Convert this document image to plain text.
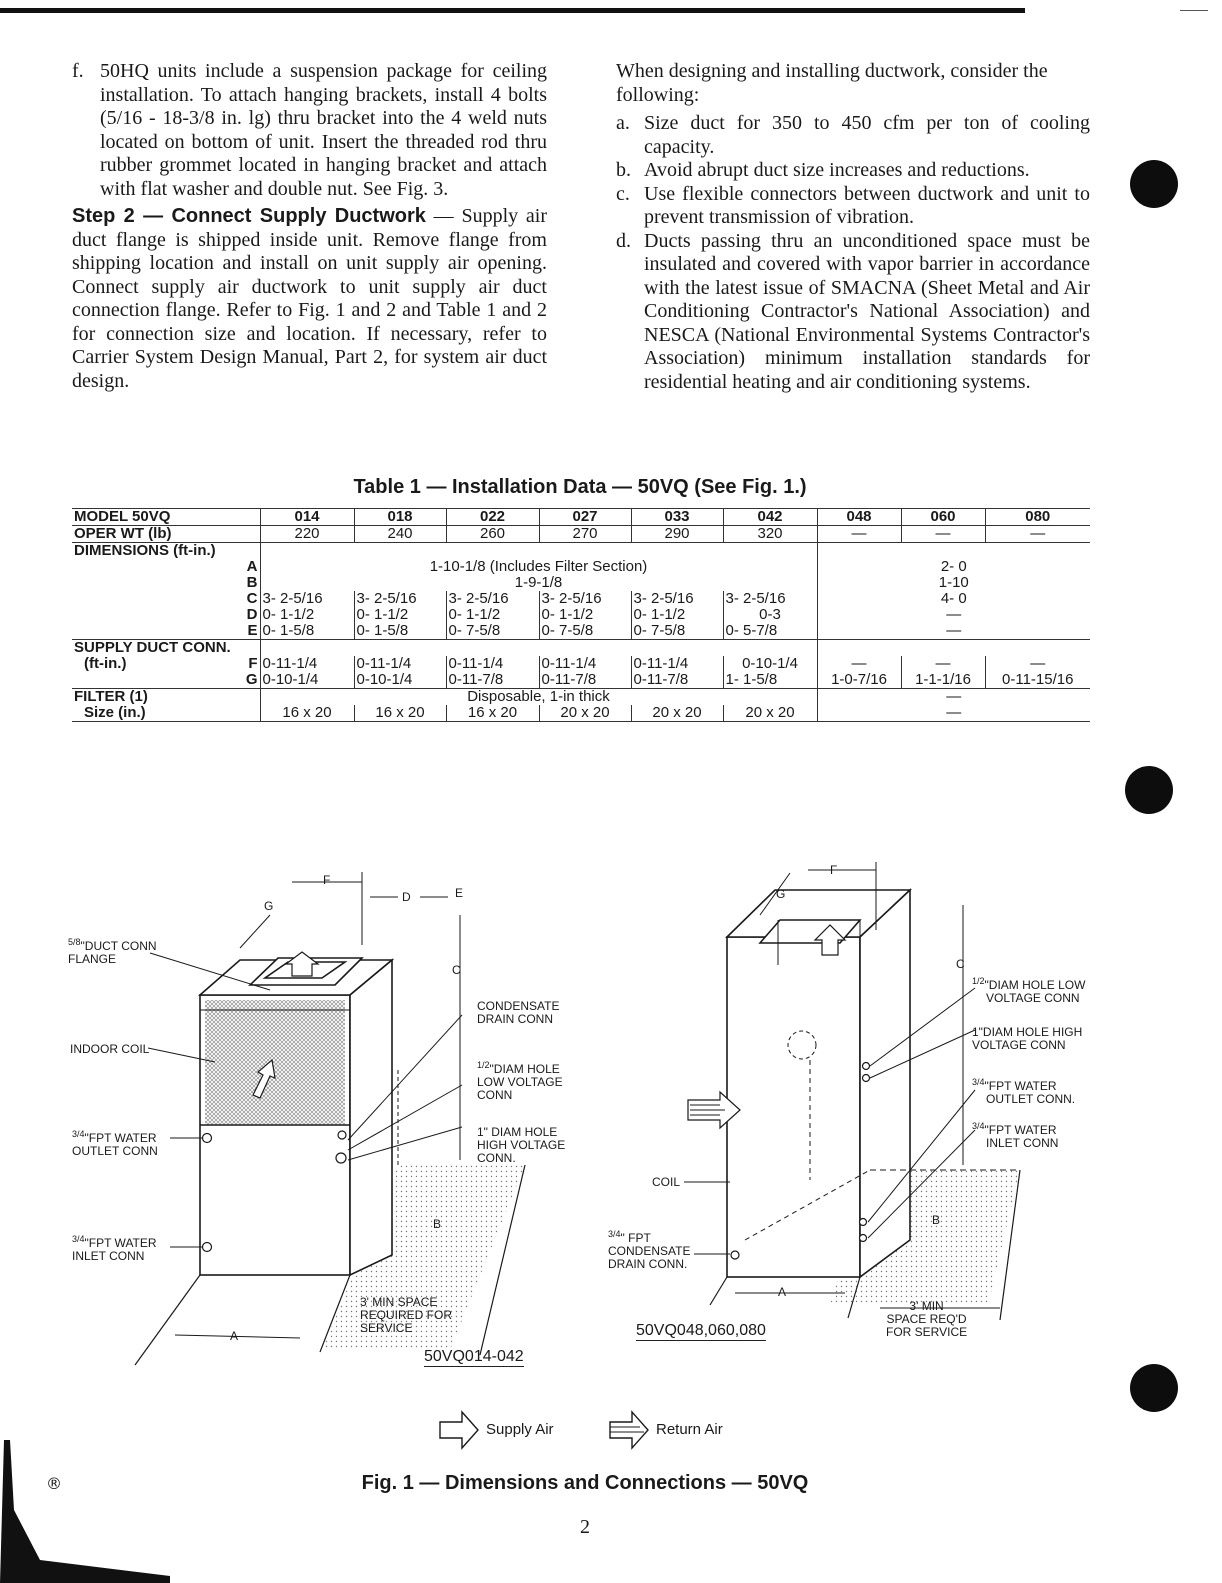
f. 50HQ units include a suspension package for ceiling installation. To attach hanging brackets, install 4 bolts (5/16 - 18-3/8 in. lg) thru bracket into the 4 weld nuts located on bottom of unit. Insert the threaded rod thru rubber grommet located in hanging bracket and attach with flat washer and double nut. See Fig. 3.

Step 2 — Connect Supply Ductwork — Supply air duct flange is shipped inside unit. Remove flange from shipping location and install on unit supply air opening. Connect supply air ductwork to unit supply air duct connection flange. Refer to Fig. 1 and 2 and Table 1 and 2 for connection size and location. If necessary, refer to Carrier System Design Manual, Part 2, for system air duct design.

When designing and installing ductwork, consider the following:

a. Size duct for 350 to 450 cfm per ton of cooling capacity.
b. Avoid abrupt duct size increases and reductions.
c. Use flexible connectors between ductwork and unit to prevent transmission of vibration.
d. Ducts passing thru an unconditioned space must be insulated and covered with vapor barrier in accordance with the latest issue of SMACNA (Sheet Metal and Air Conditioning Contractor's National Association) and NESCA (National Environmental Systems Contractor's Association) minimum installation standards for residential heating and air conditioning systems.
Table 1 — Installation Data — 50VQ (See Fig. 1.)
MODEL 50VQ	014	018	022	027	033	042	048	060	080
OPER WT (lb)	220	240	260	270	290	320	—	—	—
DIMENSIONS (ft-in.)									
A	1-10-1/8 (Includes Filter Section)						2- 0		
B	1-9-1/8						1-10		
C	3- 2-5/16	3- 2-5/16	3- 2-5/16	3- 2-5/16	3- 2-5/16	3- 2-5/16	4- 0		
D	0- 1-1/2	0- 1-1/2	0- 1-1/2	0- 1-1/2	0- 1-1/2	0-3	—		
E	0- 1-5/8	0- 1-5/8	0- 7-5/8	0- 7-5/8	0- 7-5/8	0- 5-7/8	—		
SUPPLY DUCT CONN.									
(ft-in.) F	0-11-1/4	0-11-1/4	0-11-1/4	0-11-1/4	0-11-1/4	0-10-1/4	—	—	—
G	0-10-1/4	0-10-1/4	0-11-7/8	0-11-7/8	0-11-7/8	1- 1-5/8	1-0-7/16	1-1-1/16	0-11-15/16
FILTER (1)	Disposable, 1-in thick						—		
Size (in.)	16 x 20	16 x 20	16 x 20	20 x 20	20 x 20	20 x 20	—		
$^{5/8}$"DUCT CONN
FLANGE
INDOOR COIL
$^{3/4}$"FPT WATER
OUTLET CONN
$^{3/4}$"FPT WATER
INLET CONN
CONDENSATE
DRAIN CONN
$^{1/2}$"DIAM HOLE
LOW VOLTAGE
CONN
1" DIAM HOLE
HIGH VOLTAGE
CONN.
3' MIN SPACE
REQUIRED FOR
SERVICE
F
G
D	E
C
B
A
50VQ014-042
$^{1/2}$"DIAM HOLE LOW
VOLTAGE CONN
1"DIAM HOLE HIGH
VOLTAGE CONN
$^{3/4}$"FPT WATER
OUTLET CONN.
$^{3/4}$"FPT WATER
INLET CONN
COIL
$^{3/4}$" FPT
CONDENSATE
DRAIN CONN.
3' MIN
SPACE REQ'D
FOR SERVICE
F
G
C
B
A
50VQ048,060,080
Supply Air	Return Air
Fig. 1 — Dimensions and Connections — 50VQ
®
2
